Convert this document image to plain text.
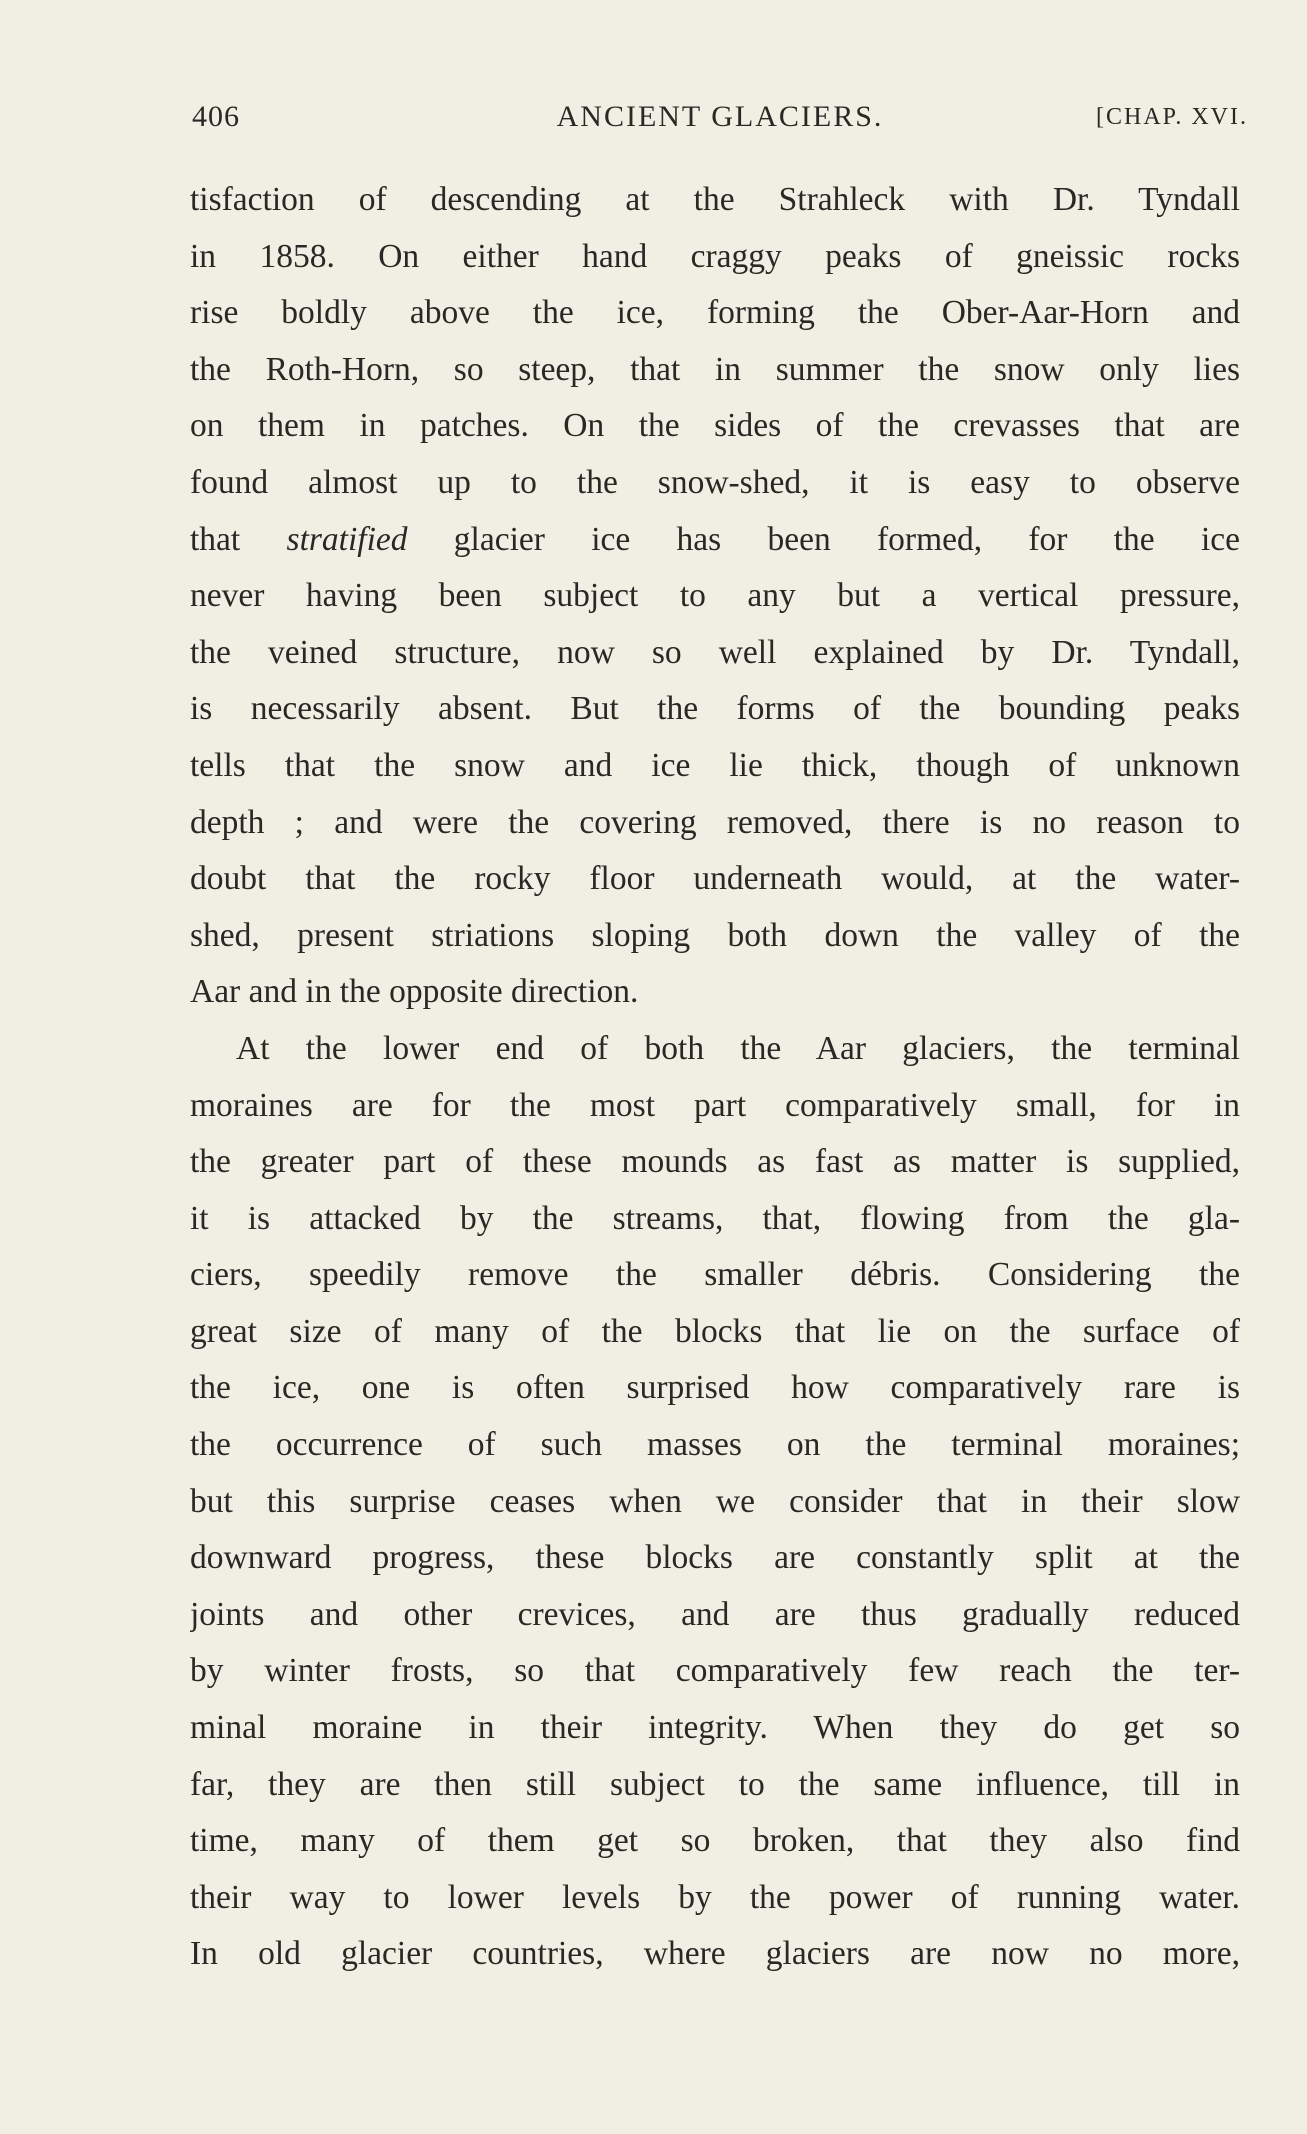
406	ANCIENT GLACIERS.	[CHAP. XVI.
tisfaction of descending at the Strahleck with Dr. Tyndall
in 1858. On either hand craggy peaks of gneissic rocks
rise boldly above the ice, forming the Ober-Aar-Horn and
the Roth-Horn, so steep, that in summer the snow only lies
on them in patches. On the sides of the crevasses that are
found almost up to the snow-shed, it is easy to observe
that stratified glacier ice has been formed, for the ice
never having been subject to any but a vertical pressure,
the veined structure, now so well explained by Dr. Tyndall,
is necessarily absent. But the forms of the bounding peaks
tells that the snow and ice lie thick, though of unknown
depth ; and were the covering removed, there is no reason to
doubt that the rocky floor underneath would, at the water-
shed, present striations sloping both down the valley of the
Aar and in the opposite direction.
At the lower end of both the Aar glaciers, the terminal
moraines are for the most part comparatively small, for in
the greater part of these mounds as fast as matter is supplied,
it is attacked by the streams, that, flowing from the gla-
ciers, speedily remove the smaller débris. Considering the
great size of many of the blocks that lie on the surface of
the ice, one is often surprised how comparatively rare is
the occurrence of such masses on the terminal moraines;
but this surprise ceases when we consider that in their slow
downward progress, these blocks are constantly split at the
joints and other crevices, and are thus gradually reduced
by winter frosts, so that comparatively few reach the ter-
minal moraine in their integrity. When they do get so
far, they are then still subject to the same influence, till in
time, many of them get so broken, that they also find
their way to lower levels by the power of running water.
In old glacier countries, where glaciers are now no more,
